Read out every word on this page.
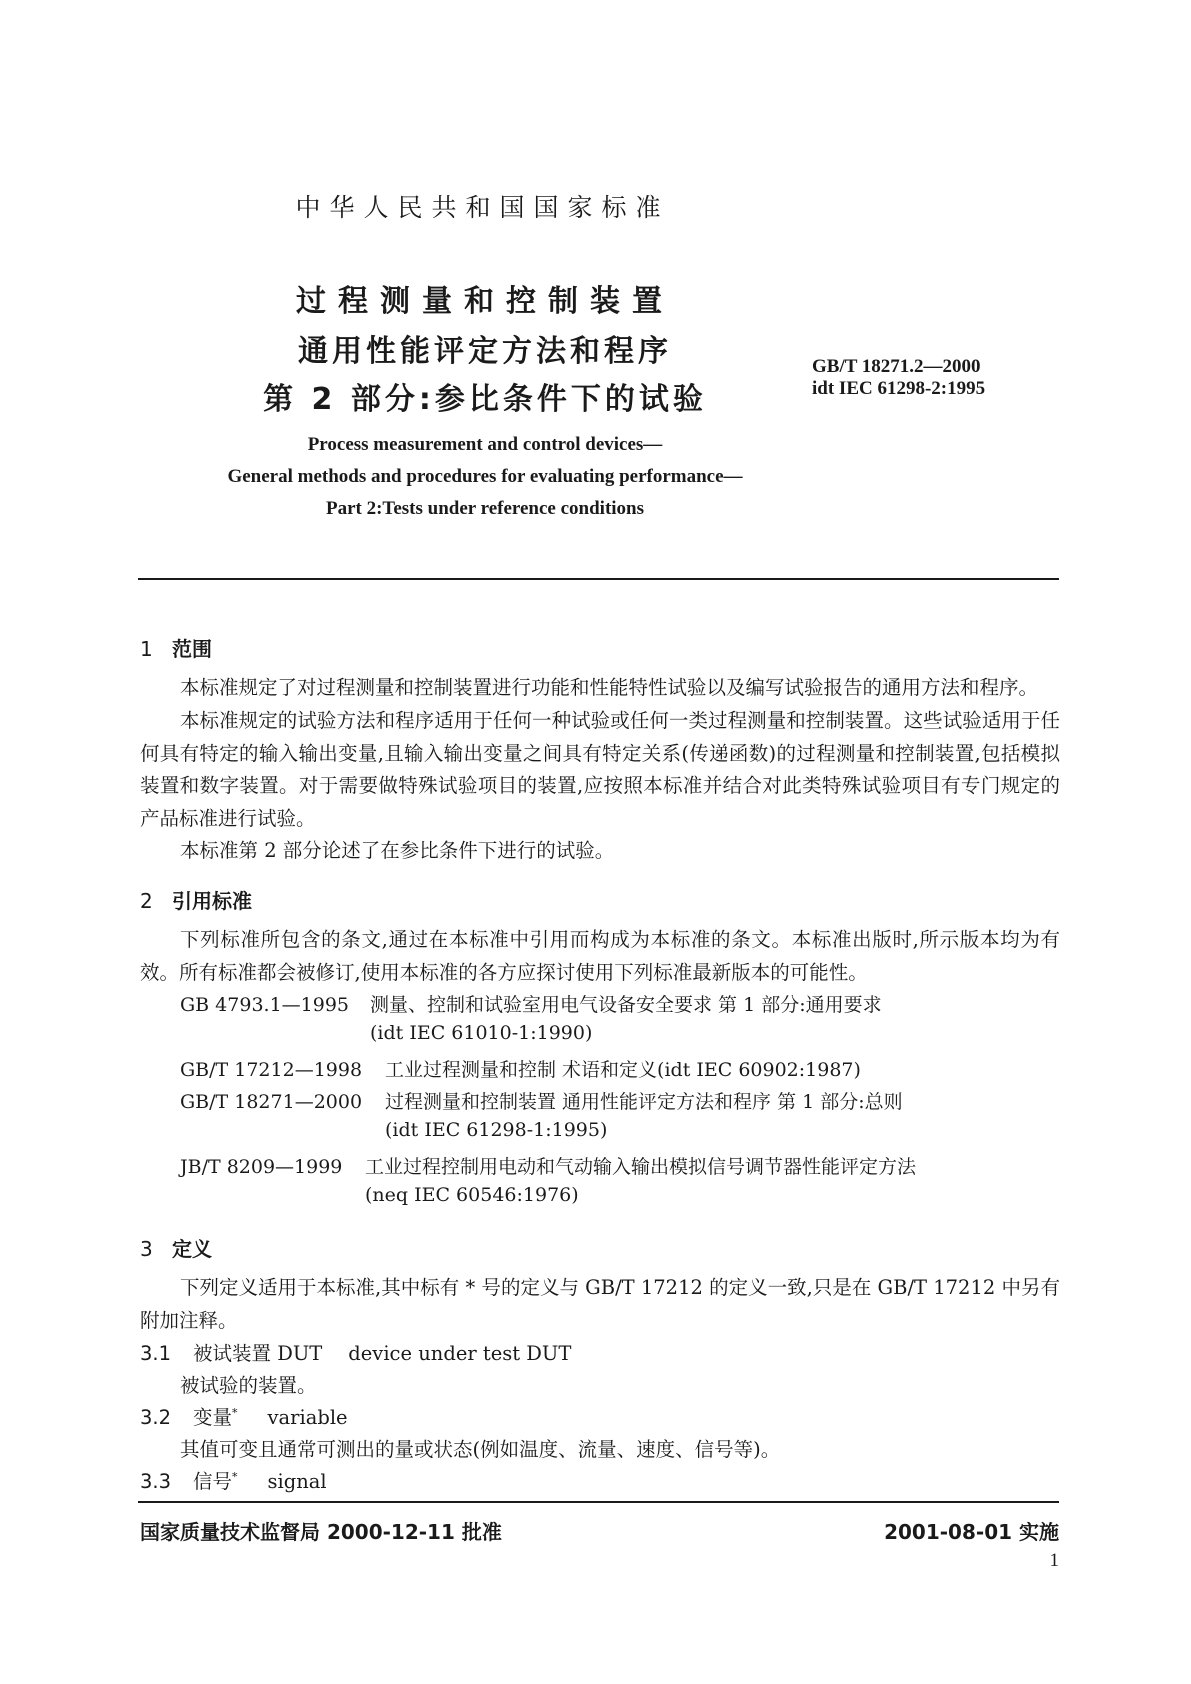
中华人民共和国国家标准
过程测量和控制装置
通用性能评定方法和程序
第 2 部分:参比条件下的试验
GB/T 18271.2—2000
idt IEC 61298-2:1995
Process measurement and control devices—
General methods and procedures for evaluating performance—
Part 2:Tests under reference conditions
1 范围

本标准规定了对过程测量和控制装置进行功能和性能特性试验以及编写试验报告的通用方法和程序。

本标准规定的试验方法和程序适用于任何一种试验或任何一类过程测量和控制装置。这些试验适用于任何具有特定的输入输出变量,且输入输出变量之间具有特定关系(传递函数)的过程测量和控制装置,包括模拟装置和数字装置。对于需要做特殊试验项目的装置,应按照本标准并结合对此类特殊试验项目有专门规定的产品标准进行试验。

本标准第 2 部分论述了在参比条件下进行的试验。

2 引用标准

下列标准所包含的条文,通过在本标准中引用而构成为本标准的条文。本标准出版时,所示版本均为有效。所有标准都会被修订,使用本标准的各方应探讨使用下列标准最新版本的可能性。

GB 4793.1—1995 测量、控制和试验室用电气设备安全要求 第 1 部分:通用要求
(idt IEC 61010-1:1990)
GB/T 17212—1998 工业过程测量和控制 术语和定义(idt IEC 60902:1987)
GB/T 18271—2000 过程测量和控制装置 通用性能评定方法和程序 第 1 部分:总则
(idt IEC 61298-1:1995)
JB/T 8209—1999 工业过程控制用电动和气动输入输出模拟信号调节器性能评定方法
(neq IEC 60546:1976)
3 定义

下列定义适用于本标准,其中标有 * 号的定义与 GB/T 17212 的定义一致,只是在 GB/T 17212 中另有附加注释。

3.1 被试装置 DUT device under test DUT
被试验的装置。
3.2 变量* variable
其值可变且通常可测出的量或状态(例如温度、流量、速度、信号等)。
3.3 信号* signal
国家质量技术监督局 2000-12-11 批准	2001-08-01 实施
1
